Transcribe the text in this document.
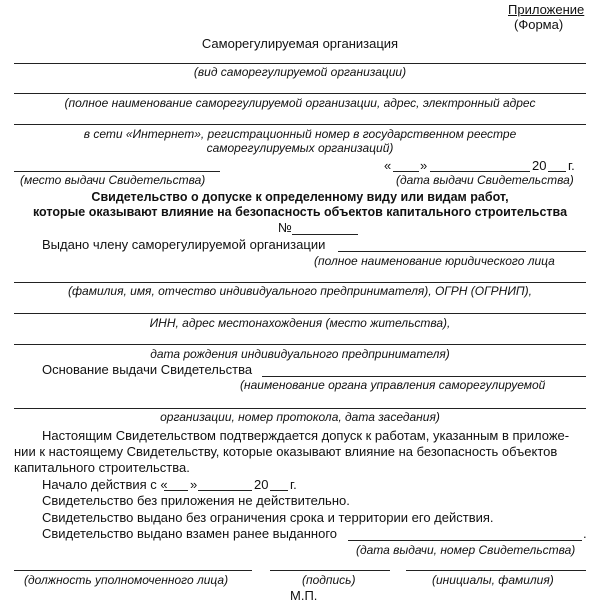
Приложение
(Форма)
Саморегулируемая организация
(вид саморегулируемой организации)
(полное наименование саморегулируемой организации, адрес, электронный адрес
в сети «Интернет», регистрационный номер в государственном реестре
саморегулируемых организаций)
« »	20 г.
(место выдачи Свидетельства)	(дата выдачи Свидетельства)
Свидетельство о допуске к определенному виду или видам работ,
которые оказывают влияние на безопасность объектов капитального строительства
№
Выдано члену саморегулируемой организации
(полное наименование юридического лица
(фамилия, имя, отчество индивидуального предпринимателя), ОГРН (ОГРНИП),
ИНН, адрес местонахождения (место жительства),
дата рождения индивидуального предпринимателя)
Основание выдачи Свидетельства
(наименование органа управления саморегулируемой
организации, номер протокола, дата заседания)
Настоящим Свидетельством подтверждается допуск к работам, указанным в приложе-
нии к настоящему Свидетельству, которые оказывают влияние на безопасность объектов
капитального строительства.
Начало действия с « »	20 г.
Свидетельство без приложения не действительно.
Свидетельство выдано без ограничения срока и территории его действия.
Свидетельство выдано взамен ранее выданного	.
(дата выдачи, номер Свидетельства)
(должность уполномоченного лица)	(подпись)	(инициалы, фамилия)
М.П.
